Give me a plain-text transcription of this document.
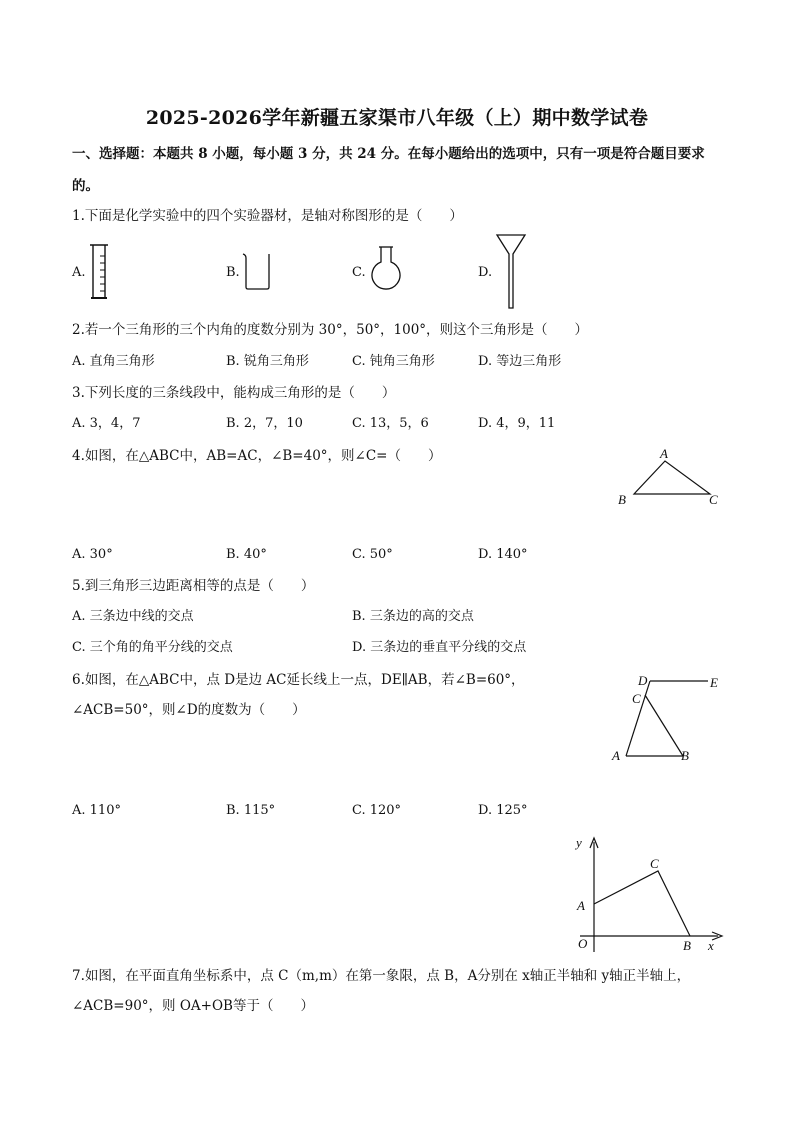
2025-2026学年新疆五家渠市八年级（上）期中数学试卷
一、选择题：本题共 8 小题，每小题 3 分，共 24 分。在每小题给出的选项中，只有一项是符合题目要求
的。
1.下面是化学实验中的四个实验器材，是轴对称图形的是（　　）
A.	B.	C.	D.
2.若一个三角形的三个内角的度数分别为 30°，50°，100°，则这个三角形是（　　）
A. 直角三角形	B. 锐角三角形	C. 钝角三角形	D. 等边三角形
3.下列长度的三条线段中，能构成三角形的是（　　）
A. 3，4，7	B. 2，7，10	C. 13，5，6	D. 4，9，11
4.如图，在△ABC中，AB=AC，∠B=40°，则∠C=（　　）	A
B	C
A. 30°	B. 40°	C. 50°	D. 140°
5.到三角形三边距离相等的点是（　　）
A. 三条边中线的交点	B. 三条边的高的交点
C. 三个角的角平分线的交点	D. 三条边的垂直平分线的交点
6.如图，在△ABC中，点 D是边 AC延长线上一点，DE∥AB，若∠B=60°，
∠ACB=50°，则∠D的度数为（　　）
D	E
C
A	B
A. 110°	B. 115°	C. 120°	D. 125°
y
C
A
O	B x
7.如图，在平面直角坐标系中，点 C（m,m）在第一象限，点 B，A分别在 x轴正半轴和 y轴正半轴上，
∠ACB=90°，则 OA+OB等于（　　）
